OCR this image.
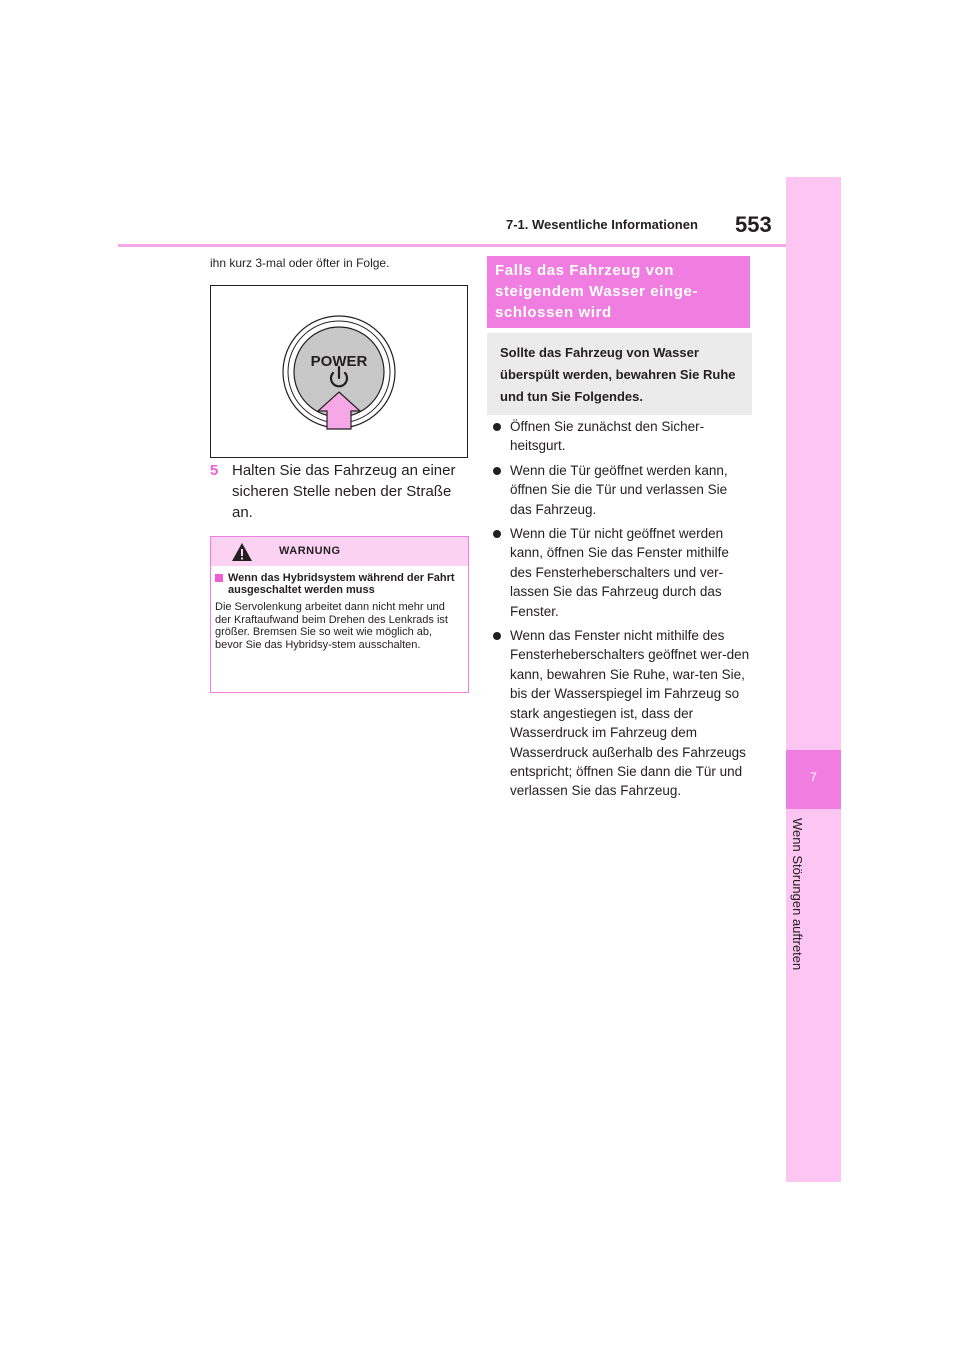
7-1. Wesentliche Informationen 553
7
Wenn Störungen auftreten

ihn kurz 3-mal oder öfter in Folge.

POWER
5 Halten Sie das Fahrzeug an einer sicheren Stelle neben der Straße an.
WARNUNG
Wenn das Hybridsystem während der Fahrt ausgeschaltet werden muss
Die Servolenkung arbeitet dann nicht mehr und der Kraftaufwand beim Drehen des Lenkrads ist größer. Bremsen Sie so weit wie möglich ab, bevor Sie das Hybridsy-stem ausschalten.
Falls das Fahrzeug von steigendem Wasser einge-schlossen wird
Sollte das Fahrzeug von Wasser überspült werden, bewahren Sie Ruhe und tun Sie Folgendes.
Öffnen Sie zunächst den Sicher-heitsgurt.
Wenn die Tür geöffnet werden kann, öffnen Sie die Tür und verlassen Sie das Fahrzeug.
Wenn die Tür nicht geöffnet werden kann, öffnen Sie das Fenster mithilfe des Fensterheberschalters und ver-lassen Sie das Fahrzeug durch das Fenster.
Wenn das Fenster nicht mithilfe des Fensterheberschalters geöffnet wer-den kann, bewahren Sie Ruhe, war-ten Sie, bis der Wasserspiegel im Fahrzeug so stark angestiegen ist, dass der Wasserdruck im Fahrzeug dem Wasserdruck außerhalb des Fahrzeugs entspricht; öffnen Sie dann die Tür und verlassen Sie das Fahrzeug.
